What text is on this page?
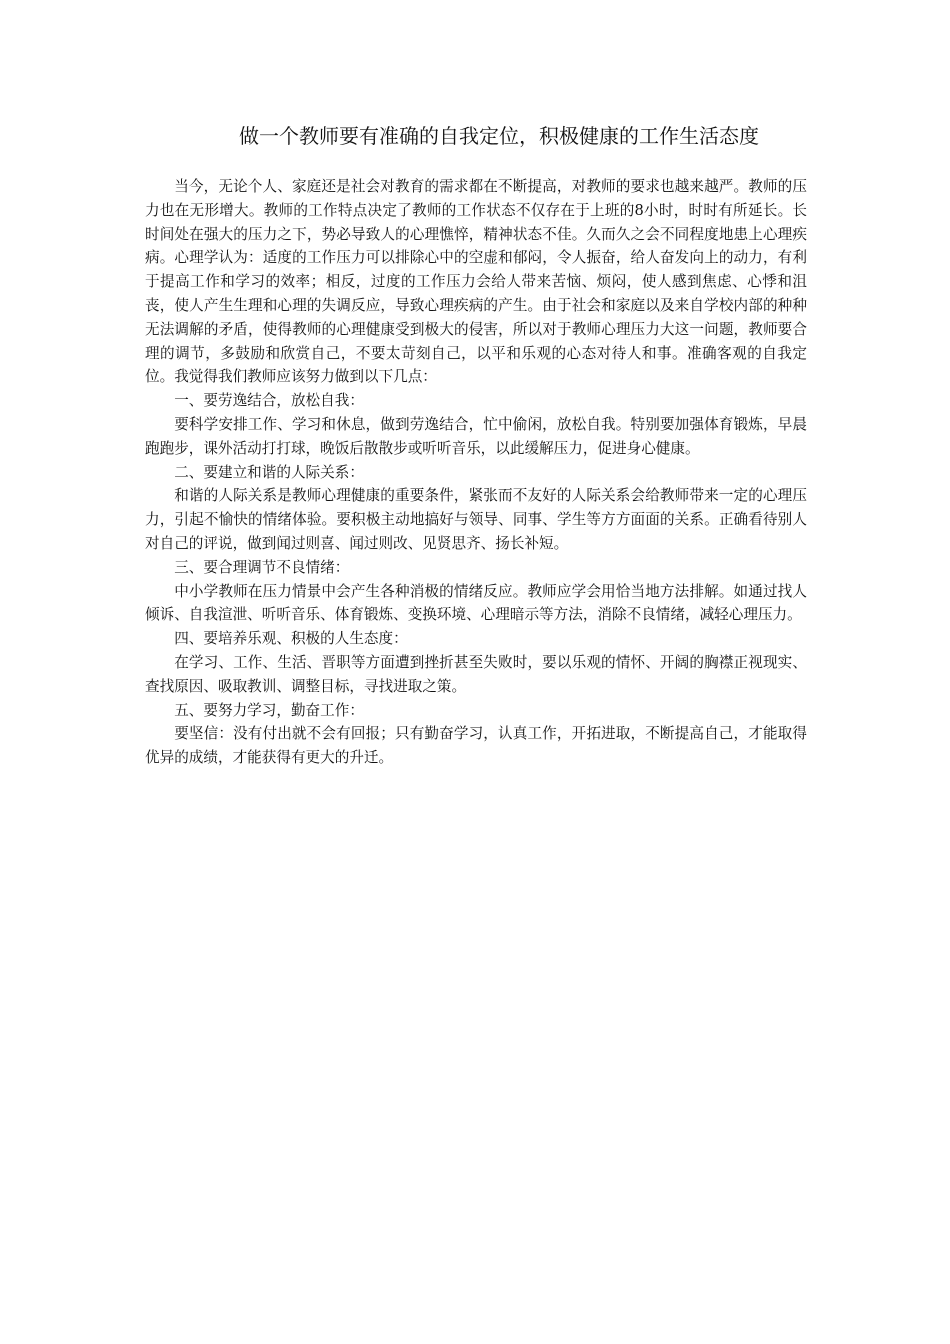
做一个教师要有准确的自我定位，积极健康的工作生活态度

当今，无论个人、家庭还是社会对教育的需求都在不断提高，对教师的要求也越来越严。教师的压力也在无形增大。教师的工作特点决定了教师的工作状态不仅存在于上班的8小时，时时有所延长。长时间处在强大的压力之下，势必导致人的心理憔悴，精神状态不佳。久而久之会不同程度地患上心理疾病。心理学认为：适度的工作压力可以排除心中的空虚和郁闷，令人振奋，给人奋发向上的动力，有利于提高工作和学习的效率；相反，过度的工作压力会给人带来苦恼、烦闷，使人感到焦虑、心悸和沮丧，使人产生生理和心理的失调反应，导致心理疾病的产生。由于社会和家庭以及来自学校内部的种种无法调解的矛盾，使得教师的心理健康受到极大的侵害，所以对于教师心理压力大这一问题，教师要合理的调节，多鼓励和欣赏自己，不要太苛刻自己，以平和乐观的心态对待人和事。准确客观的自我定位。我觉得我们教师应该努力做到以下几点：

一、要劳逸结合，放松自我：

要科学安排工作、学习和休息，做到劳逸结合，忙中偷闲，放松自我。特别要加强体育锻炼，早晨跑跑步，课外活动打打球，晚饭后散散步或听听音乐，以此缓解压力，促进身心健康。

二、要建立和谐的人际关系：

和谐的人际关系是教师心理健康的重要条件，紧张而不友好的人际关系会给教师带来一定的心理压力，引起不愉快的情绪体验。要积极主动地搞好与领导、同事、学生等方方面面的关系。正确看待别人对自己的评说，做到闻过则喜、闻过则改、见贤思齐、扬长补短。

三、要合理调节不良情绪：

中小学教师在压力情景中会产生各种消极的情绪反应。教师应学会用恰当地方法排解。如通过找人倾诉、自我渲泄、听听音乐、体育锻炼、变换环境、心理暗示等方法，消除不良情绪，减轻心理压力。

四、要培养乐观、积极的人生态度：

在学习、工作、生活、晋职等方面遭到挫折甚至失败时，要以乐观的情怀、开阔的胸襟正视现实、查找原因、吸取教训、调整目标，寻找进取之策。

五、要努力学习，勤奋工作：

要坚信：没有付出就不会有回报；只有勤奋学习，认真工作，开拓进取，不断提高自己，才能取得优异的成绩，才能获得有更大的升迁。
